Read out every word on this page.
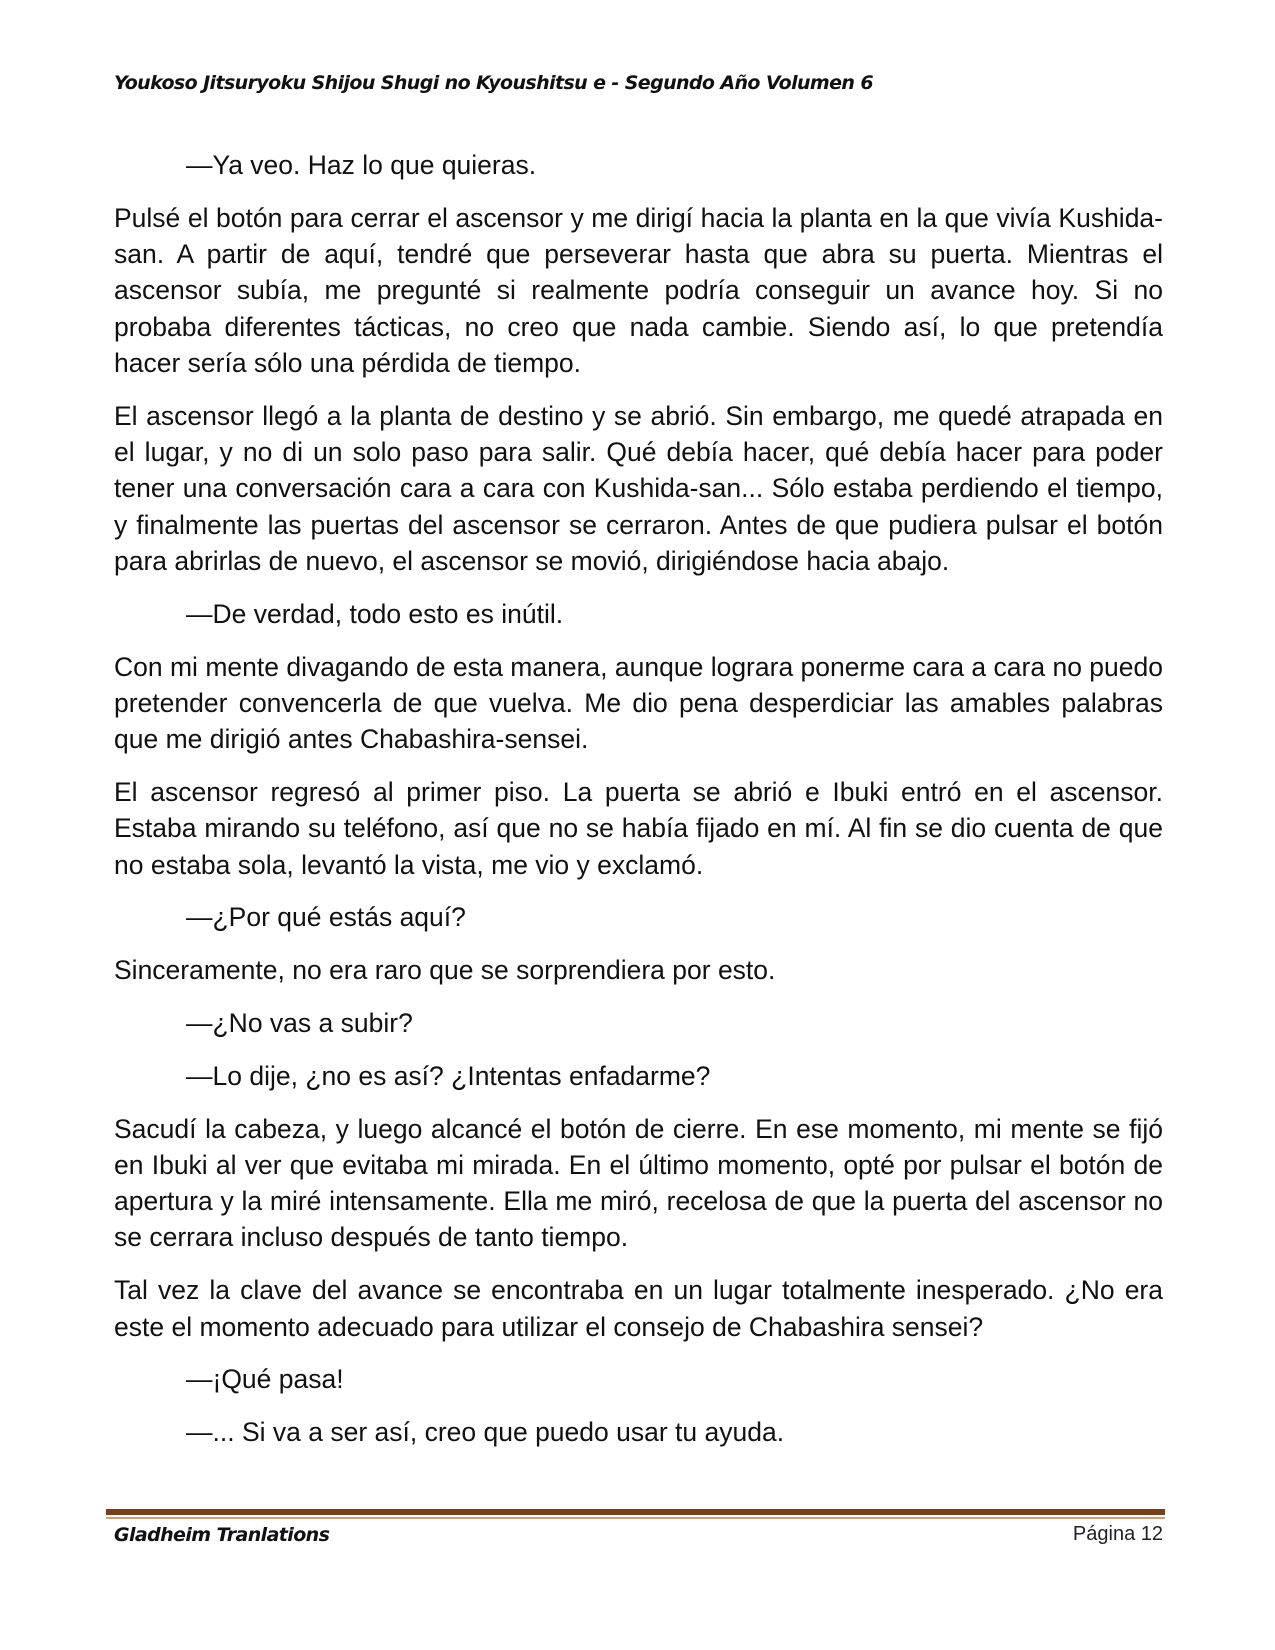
Youkoso Jitsuryoku Shijou Shugi no Kyoushitsu e - Segundo Año Volumen 6

—Ya veo. Haz lo que quieras.

Pulsé el botón para cerrar el ascensor y me dirigí hacia la planta en la que vivía Kushida-san. A partir de aquí, tendré que perseverar hasta que abra su puerta. Mientras el ascensor subía, me pregunté si realmente podría conseguir un avance hoy. Si no probaba diferentes tácticas, no creo que nada cambie. Siendo así, lo que pretendía hacer sería sólo una pérdida de tiempo.

El ascensor llegó a la planta de destino y se abrió. Sin embargo, me quedé atrapada en el lugar, y no di un solo paso para salir. Qué debía hacer, qué debía hacer para poder tener una conversación cara a cara con Kushida-san... Sólo estaba perdiendo el tiempo, y finalmente las puertas del ascensor se cerraron. Antes de que pudiera pulsar el botón para abrirlas de nuevo, el ascensor se movió, dirigiéndose hacia abajo.

—De verdad, todo esto es inútil.

Con mi mente divagando de esta manera, aunque lograra ponerme cara a cara no puedo pretender convencerla de que vuelva. Me dio pena desperdiciar las amables palabras que me dirigió antes Chabashira-sensei.

El ascensor regresó al primer piso. La puerta se abrió e Ibuki entró en el ascensor. Estaba mirando su teléfono, así que no se había fijado en mí. Al fin se dio cuenta de que no estaba sola, levantó la vista, me vio y exclamó.

—¿Por qué estás aquí?

Sinceramente, no era raro que se sorprendiera por esto.

—¿No vas a subir?

—Lo dije, ¿no es así? ¿Intentas enfadarme?

Sacudí la cabeza, y luego alcancé el botón de cierre. En ese momento, mi mente se fijó en Ibuki al ver que evitaba mi mirada. En el último momento, opté por pulsar el botón de apertura y la miré intensamente. Ella me miró, recelosa de que la puerta del ascensor no se cerrara incluso después de tanto tiempo.

Tal vez la clave del avance se encontraba en un lugar totalmente inesperado. ¿No era este el momento adecuado para utilizar el consejo de Chabashira sensei?

—¡Qué pasa!

—... Si va a ser así, creo que puedo usar tu ayuda.

Gladheim Tranlations	Página 12
